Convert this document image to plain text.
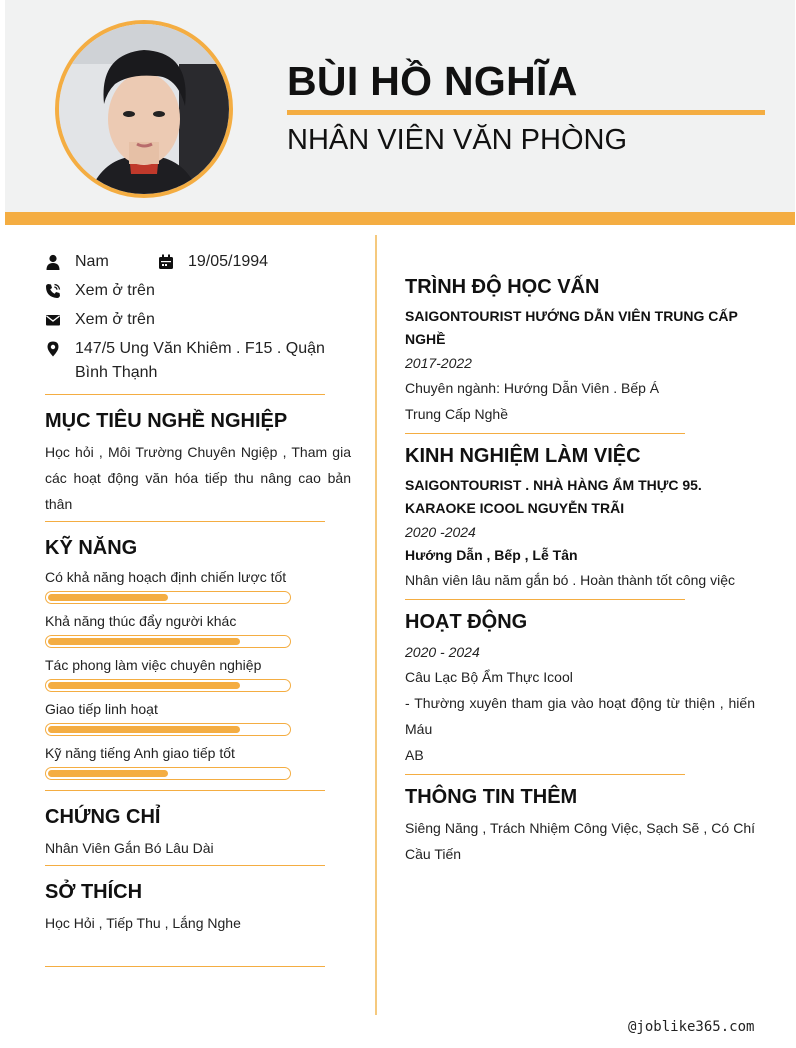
BÙI HỒ NGHĨA
NHÂN VIÊN VĂN PHÒNG
Nam	19/05/1994
Xem ở trên
Xem ở trên
147/5 Ung Văn Khiêm . F15 . Quận Bình Thạnh
MỤC TIÊU NGHỀ NGHIỆP
Học hỏi , Môi Trường Chuyên Ngiệp , Tham gia các hoạt động văn hóa tiếp thu nâng cao bản thân
KỸ NĂNG
Có khả năng hoạch định chiến lược tốt
Khả năng thúc đẩy người khác
Tác phong làm việc chuyên nghiệp
Giao tiếp linh hoạt
Kỹ năng tiếng Anh giao tiếp tốt
CHỨNG CHỈ
Nhân Viên Gắn Bó Lâu Dài
SỞ THÍCH
Học Hỏi , Tiếp Thu , Lắng Nghe
TRÌNH ĐỘ HỌC VẤN
SAIGONTOURIST HƯỚNG DẪN VIÊN TRUNG CẤP NGHỀ
2017-2022
Chuyên ngành: Hướng Dẫn Viên . Bếp Á
Trung Cấp Nghề
KINH NGHIỆM LÀM VIỆC
SAIGONTOURIST . NHÀ HÀNG ẨM THỰC 95. KARAOKE ICOOL NGUYỄN TRÃI
2020 -2024
Hướng Dẫn , Bếp , Lễ Tân
Nhân viên lâu năm gắn bó . Hoàn thành tốt công việc
HOẠT ĐỘNG
2020 - 2024
Câu Lạc Bộ Ẩm Thực Icool
- Thường xuyên tham gia vào hoạt động từ thiện , hiến Máu
AB
THÔNG TIN THÊM
Siêng Năng , Trách Nhiệm Công Việc, Sạch Sẽ , Có Chí Cầu Tiến
@joblike365.com
